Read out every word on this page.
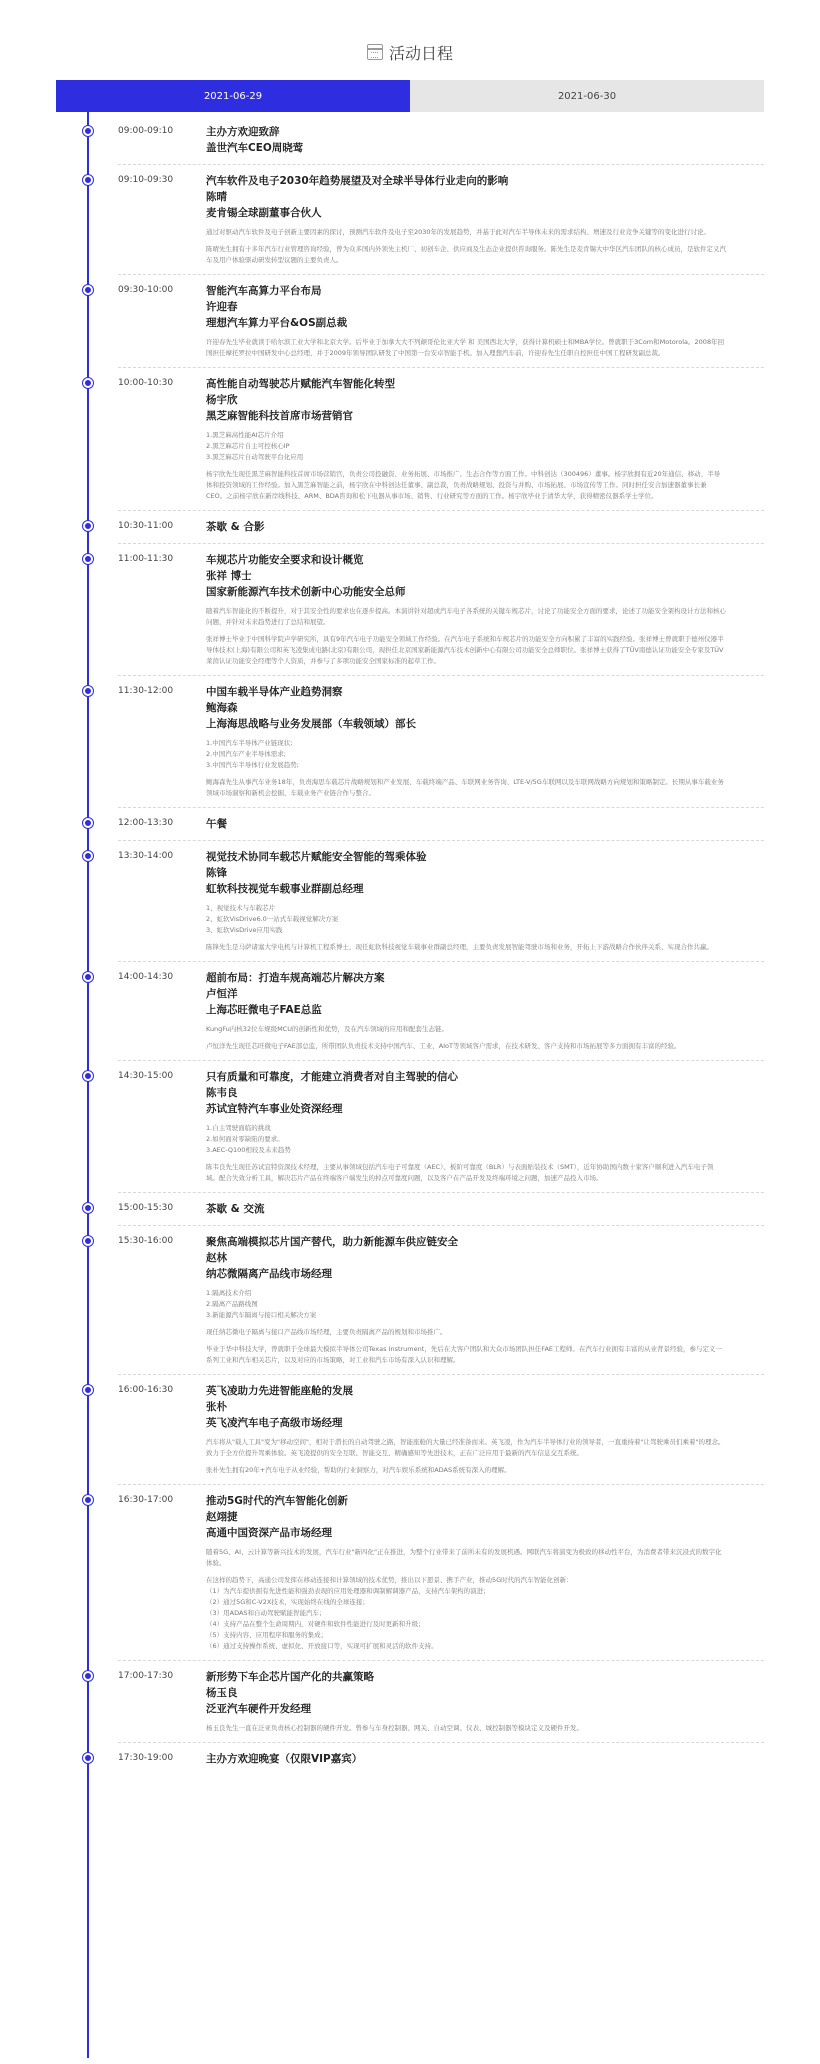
活动日程
2021-06-29	2021-06-30
09:00-09:10	主办方欢迎致辞
盖世汽车CEO周晓莺
09:10-09:30	汽车软件及电子2030年趋势展望及对全球半导体行业走向的影响
陈晴
麦肯锡全球副董事合伙人
通过对驱动汽车软件及电子创新主要因素的探讨，预测汽车软件及电子至2030年的发展趋势，并基于此对汽车半导体未来的需求结构、增速及行业竞争关键等的变化进行讨论。
陈晴先生拥有十多年汽车行业管理咨询经验，曾为众多国内外领先主机厂、初创车企、供应商及生态企业提供咨询服务。陈先生是麦肯锡大中华区汽车团队的核心成员，是软件定义汽车及用户体验驱动研发转型议题的主要负责人。
09:30-10:00	智能汽车高算力平台布局
许迎春
理想汽车算力平台&OS副总裁
许迎春先生毕业就读于哈尔滨工业大学和北京大学。后毕业于加拿大大不列颠哥伦比亚大学 和 美国西北大学，获得计算机硕士和MBA学位。曾就职于3Com和Motorola。2008年回国担任摩托罗拉中国研发中心总经理，并于2009年领导团队研发了中国第一台安卓智能手机。加入理想汽车前，许迎春先生任职自控担任中国工程研发副总裁。
10:00-10:30	高性能自动驾驶芯片赋能汽车智能化转型
杨宇欣
黑芝麻智能科技首席市场营销官
1.黑芝麻高性能AI芯片介绍
2.黑芝麻芯片自主可控核心IP
3.黑芝麻芯片自动驾驶平台化应用
杨宇欣先生现任黑芝麻智能科技首席市场营销官，负责公司投融资、业务拓展、市场推广、生态合作等方面工作。中科创达（300496）董事。杨宇欣拥有近20年通信、移动、半导体和投资领域的工作经验。加入黑芝麻智能之前，杨宇欣在中科创达任董事、副总裁，负责战略规划、投资与并购、市场拓展、市场宣传等工作。同时担任安合加速器董事长兼CEO。之前杨宇欣在新岸线科技、ARM、BDA咨询和松下电器从事市场、销售、行业研究等方面的工作。杨宇欣毕业于清华大学，获得精密仪器系学士学位。
10:30-11:00	茶歇 & 合影
11:00-11:30	车规芯片功能安全要求和设计概览
张祥 博士
国家新能源汽车技术创新中心功能安全总师
随着汽车智能化的不断提升，对于其安全性的要求也在逐步提高。本演讲针对超或汽车电子各系统的关键车规芯片，讨论了功能安全方面的要求，论述了功能安全架构设计方法和核心问题，并针对未来趋势进行了总结和展望。
张祥博士毕业于中国科学院声学研究所，具有9年汽车电子功能安全领域工作经验。在汽车电子系统和车规芯片的功能安全方向积累了丰富的实践经验。张祥博士曾就职于德州仪器半导体技术(上海)有限公司和英飞凌集成电路(北京)有限公司，现担任北京国家新能源汽车技术创新中心有限公司功能安全总师职位。张祥博士获得了TÜV南德认证功能安全专家及TÜV莱茵认证功能安全经理等个人资质，并参与了多项功能安全国家标准的起草工作。
11:30-12:00	中国车载半导体产业趋势洞察
鲍海森
上海海思战略与业务发展部（车载领域）部长
1.中国汽车半导体产业链现状;
2.中国汽车产业半导体需求;
3.中国汽车半导体行业发展趋势;
鲍海森先生从事汽车业务18年，负责海思车载芯片战略规划和产业发展、车载终端产品、车联网业务咨询、LTE-V/5G车联网以及车联网战略方向规划和策略制定。长期从事车载业务领域市场洞察和新机会挖掘，车载业务产业链合作与整合。
12:00-13:30	午餐
13:30-14:00	视觉技术协同车载芯片赋能安全智能的驾乘体验
陈锋
虹软科技视觉车载事业群副总经理
1、视觉技术与车载芯片
2、虹软VisDrive6.0一站式车载视觉解决方案
3、虹软VisDrive应用实践
陈锋先生是马萨诸塞大学电机与计算机工程系博士，现任虹软科技视觉车载事业群副总经理，主要负责发展智能驾驶市场和业务，开拓上下游战略合作伙伴关系、实现合作共赢。
14:00-14:30	超前布局：打造车规高端芯片解决方案
卢恒洋
上海芯旺微电子FAE总监
KungFu内核32位车规级MCU的创新性和优势，及在汽车领域的应用和配套生态链。
卢恒洋先生现任芯旺微电子FAE部总监，所带团队负责技术支持中国汽车、工业、AIoT等领域客户需求，在技术研发、客户支持和市场拓展等多方面拥有丰富的经验。
14:30-15:00	只有质量和可靠度，才能建立消费者对自主驾驶的信心
陈韦良
苏试宜特汽车事业处资深经理
1.自主驾驶面临的挑战
2.如何面对零缺陷的要求。
3.AEC-Q100相较及未来趋势
陈韦良先生现任苏试宜特资深技术经理，主要从事领域包括汽车电子可靠度（AEC）、板阶可靠度（BLR）与表面贴装技术（SMT），近年协助国内数十家客户顺利进入汽车电子领域。配合失效分析工具，解决芯片产品在终端客户端发生的掉点可靠度问题，以及客户在产品开发及终端环境之问题，加速产品投入市场。
15:00-15:30	茶歇 & 交流
15:30-16:00	聚焦高端模拟芯片国产替代，助力新能源车供应链安全
赵林
纳芯微隔离产品线市场经理
1.隔离技术介绍
2.隔离产品路线图
3.新能源汽车隔离与接口相关解决方案
现任纳芯微电子隔离与接口产品线市场经理，主要负责隔离产品的规划和市场推广。
毕业于华中科技大学，曾就职于全球最大模拟半导体公司Texas Instrument，先后在大客户团队和大众市场团队担任FAE工程师。在汽车行业拥有丰富的从业背景经验，参与定义一系列工业和汽车相关芯片，以及对应的市场策略，对工业和汽车市场有深入认识和理解。
16:00-16:30	英飞凌助力先进智能座舱的发展
张朴
英飞凌汽车电子高级市场经理
汽车将从"载人工具"变为"移动空间"，相对于潜长的自动驾驶之路，智能座舱的大量已经准备而来。英飞凌，作为汽车半导体行业的领导者，一直重持着"让驾驶乘员们乘着"的理念。致力于全方位提升驾乘体验。英飞凌提供的安全互联、智能交互、精确感知等先进技术，正在广泛应用于最新的汽车信息交互系统。
张朴先生拥有20年+汽车电子从业经验，帮助的行业洞察力，对汽车娱乐系统和ADAS系统有深入的理解。
16:30-17:00	推动5G时代的汽车智能化创新
赵翊捷
高通中国资深产品市场经理
随着5G、AI、云计算等新兴技术的发展，汽车行业"新四化"正在推进，为整个行业带来了前所未有的发展机遇。网联汽车将演变为极致的移动性平台，为消费者带来沉浸式的数字化体验。
在这样的趋势下，高通公司发挥在移动连接和计算领域的技术优势，推出以下愿景、携手产业，推动5G时代的汽车智能化创新：
（1）为汽车提供拥有先进性能和强劲表现的应用处理器和调制解调器产品，支持汽车架构的演进；
（2）通过5G和C-V2X技术，实现始终在线的全球连接；
（3）用ADAS和自动驾驶赋能智能汽车；
（4）支持产品在整个生命周期内，对硬件和软件性能进行及时更新和升级；
（5）支持内容、应用程序和服务的集成；
（6）通过支持操作系统、虚拟化、开放接口等，实现可扩展和灵活的软件支持。
17:00-17:30	新形势下车企芯片国产化的共赢策略
杨玉良
泛亚汽车硬件开发经理
杨玉良先生一直在泛亚负责核心控制器的硬件开发。曾参与车身控制器、网关、自动空调、仪表、城控制器等模块定义及硬件开发。
17:30-19:00	主办方欢迎晚宴（仅限VIP嘉宾）
